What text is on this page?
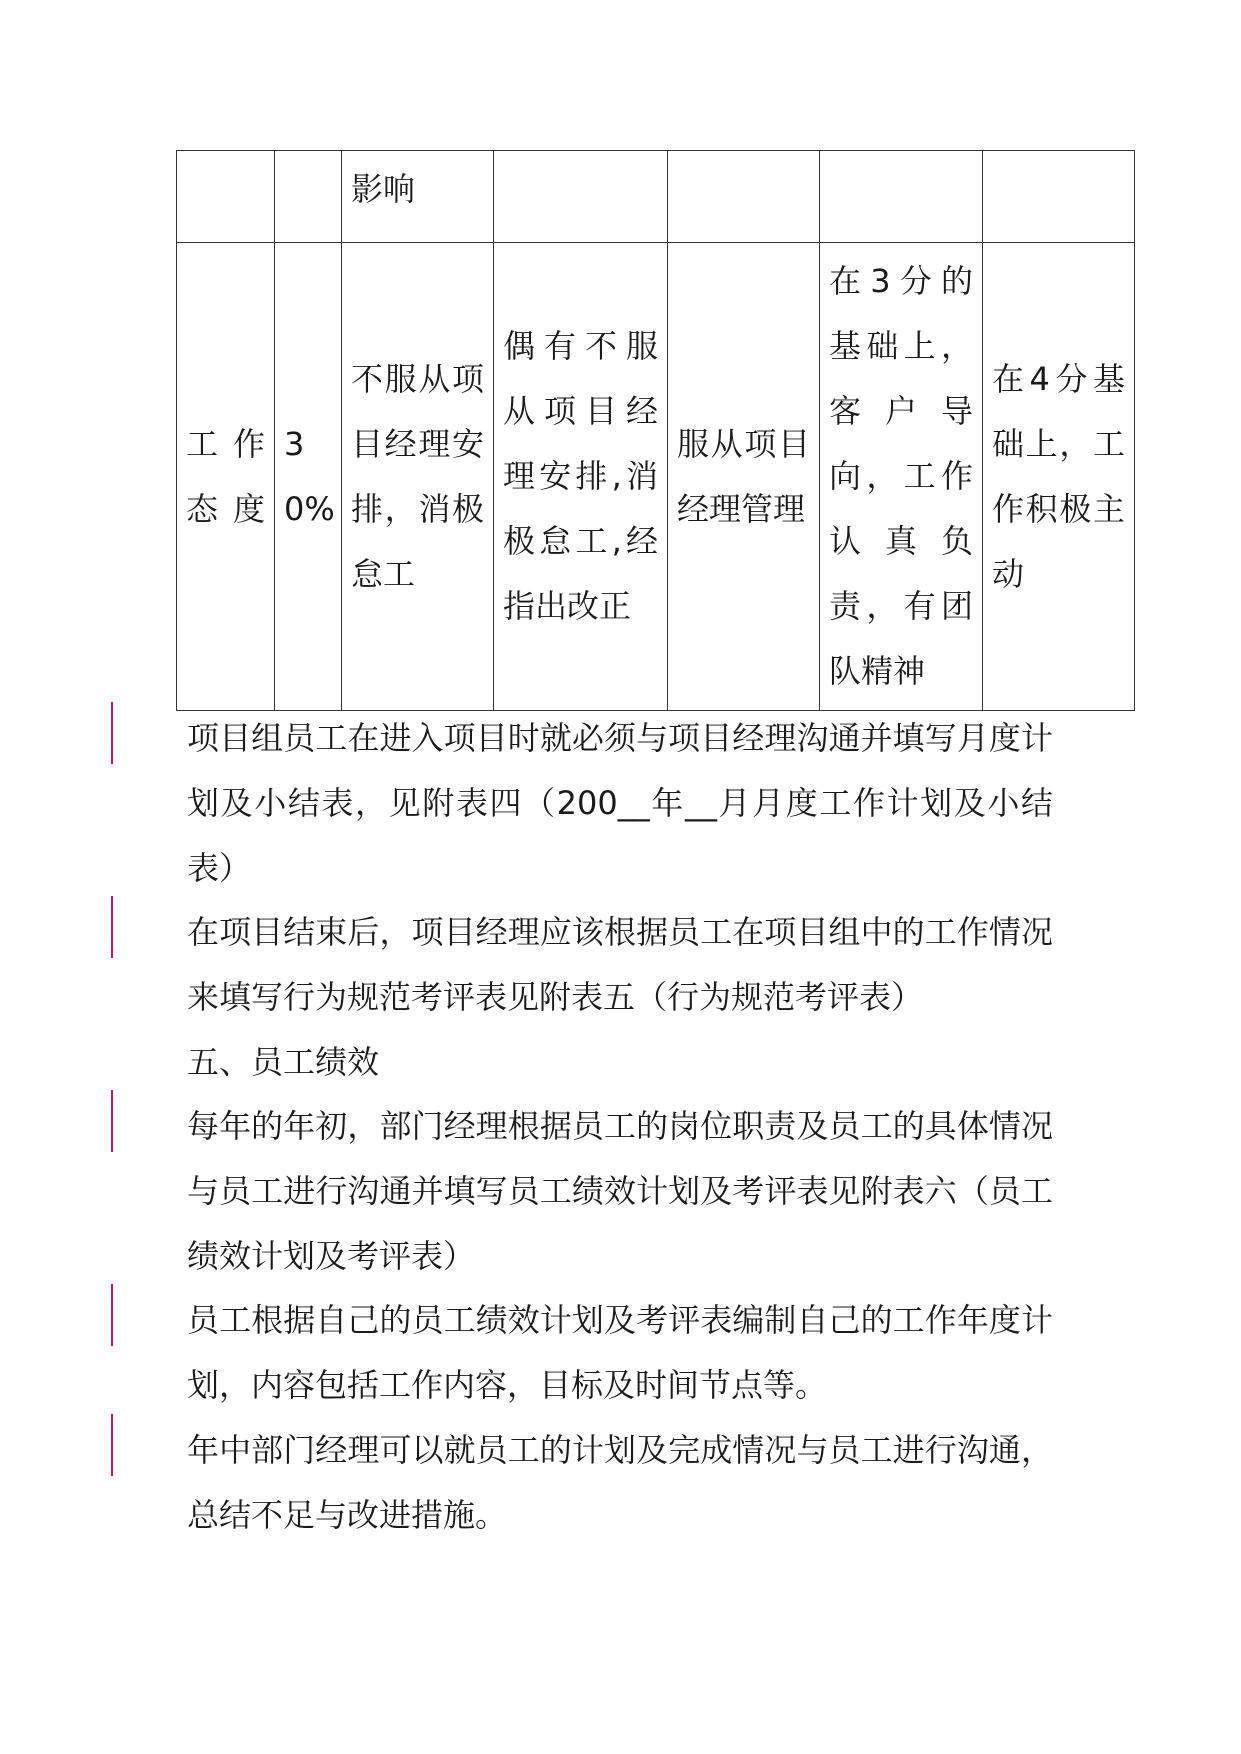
		影响				
工作态度	30%	不服从项目经理安排，消极怠工	偶有不服从项目经理安排,消极怠工,经指出改正	服从项目经理管理	在3分的基础上，客户导向，工作认真负责，有团队精神	在4分基础上，工作积极主动

项目组员工在进入项目时就必须与项目经理沟通并填写月度计划及小结表，见附表四（200__年__月月度工作计划及小结表）

在项目结束后，项目经理应该根据员工在项目组中的工作情况来填写行为规范考评表见附表五（行为规范考评表）

五、员工绩效

每年的年初，部门经理根据员工的岗位职责及员工的具体情况与员工进行沟通并填写员工绩效计划及考评表见附表六（员工绩效计划及考评表）

员工根据自己的员工绩效计划及考评表编制自己的工作年度计划，内容包括工作内容，目标及时间节点等。

年中部门经理可以就员工的计划及完成情况与员工进行沟通，总结不足与改进措施。
